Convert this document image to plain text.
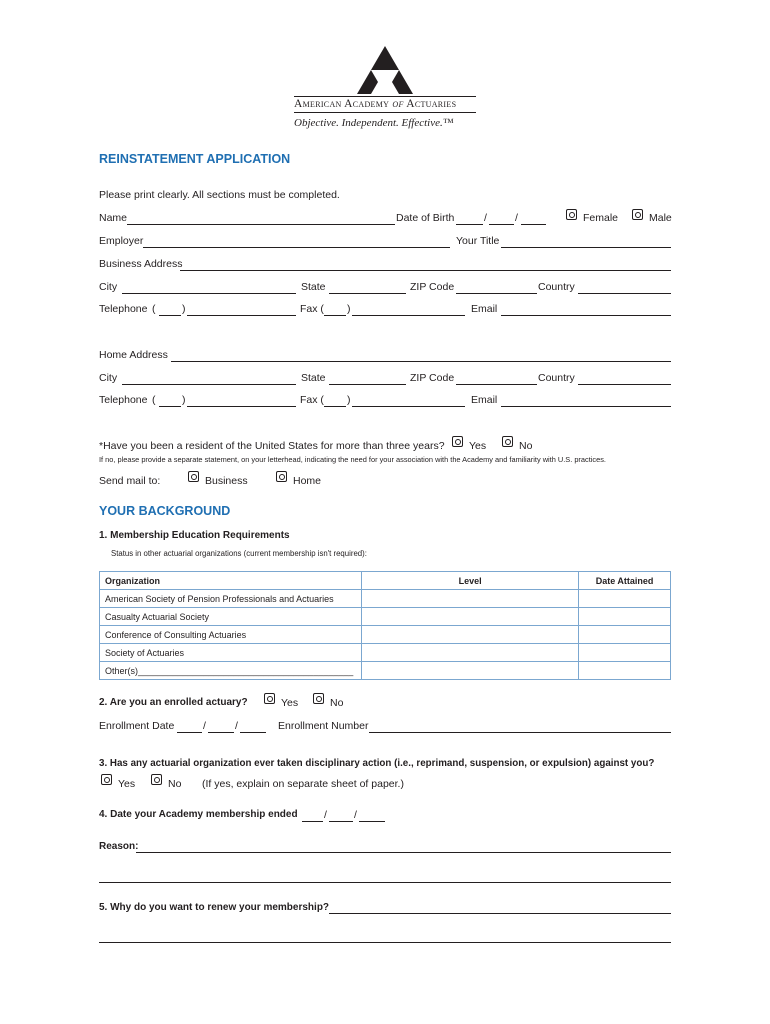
American Academy of Actuaries
Objective. Independent. Effective.™
REINSTATEMENT APPLICATION
Please print clearly. All sections must be completed.
Name	Date of Birth	/	/	Female	Male
Employer	Your Title
Business Address
City	State	ZIP Code	Country
Telephone (	)	Fax ( )	Email
Home Address
City	State	ZIP Code	Country
Telephone (	)	Fax ( )	Email
*Have you been a resident of the United States for more than three years? Yes	No
If no, please provide a separate statement, on your letterhead, indicating the need for your association with the Academy and familiarity with U.S. practices.
Send mail to:	Business	Home
YOUR BACKGROUND
1. Membership Education Requirements
Status in other actuarial organizations (current membership isn't required):
Organization	Level	Date Attained
American Society of Pension Professionals and Actuaries		
Casualty Actuarial Society		
Conference of Consulting Actuaries		
Society of Actuaries		
Other(s)___________________________________________		
2. Are you an enrolled actuary?	Yes	No
Enrollment Date	/	/	Enrollment Number
3. Has any actuarial organization ever taken disciplinary action (i.e., reprimand, suspension, or expulsion) against you?
Yes	No (If yes, explain on separate sheet of paper.)
4. Date your Academy membership ended	/	/
Reason:
5. Why do you want to renew your membership?
